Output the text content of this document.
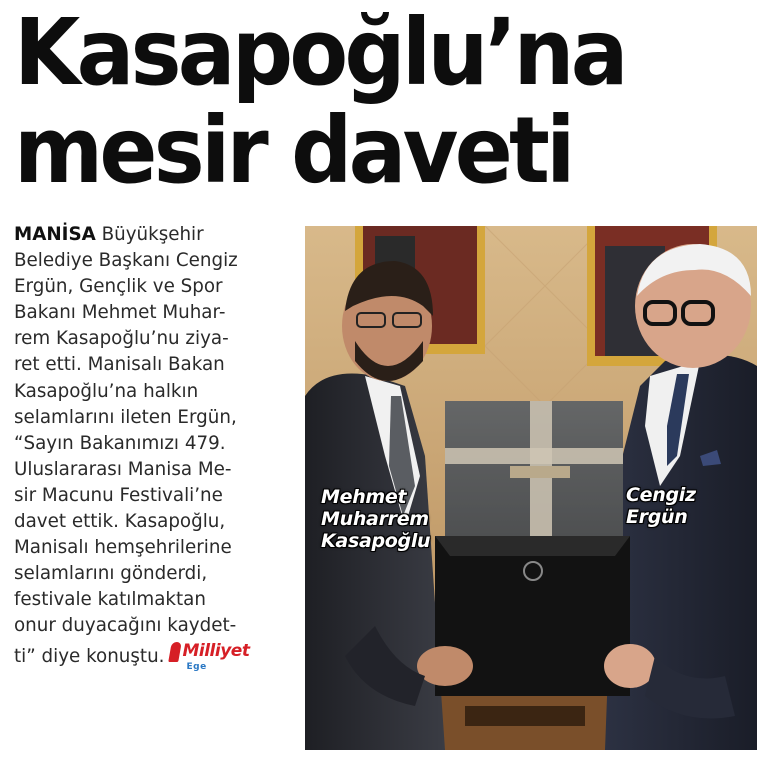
Kasapoğlu’na
mesir daveti

MANİSA Büyükşehir
Belediye Başkanı Cengiz
Ergün, Gençlik ve Spor
Bakanı Mehmet Muhar-
rem Kasapoğlu’nu ziya-
ret etti. Manisalı Bakan
Kasapoğlu’na halkın
selamlarını ileten Ergün,
“Sayın Bakanımızı 479.
Uluslararası Manisa Me-
sir Macunu Festivali’ne
davet ettik. Kasapoğlu,
Manisalı hemşehrilerine
selamlarını gönderdi,
festivale katılmaktan
onur duyacağını kaydet-
ti” diye konuştu. Milliyet
Ege

Mehmet
Muharrem
Kasapoğlu
Cengiz
Ergün
